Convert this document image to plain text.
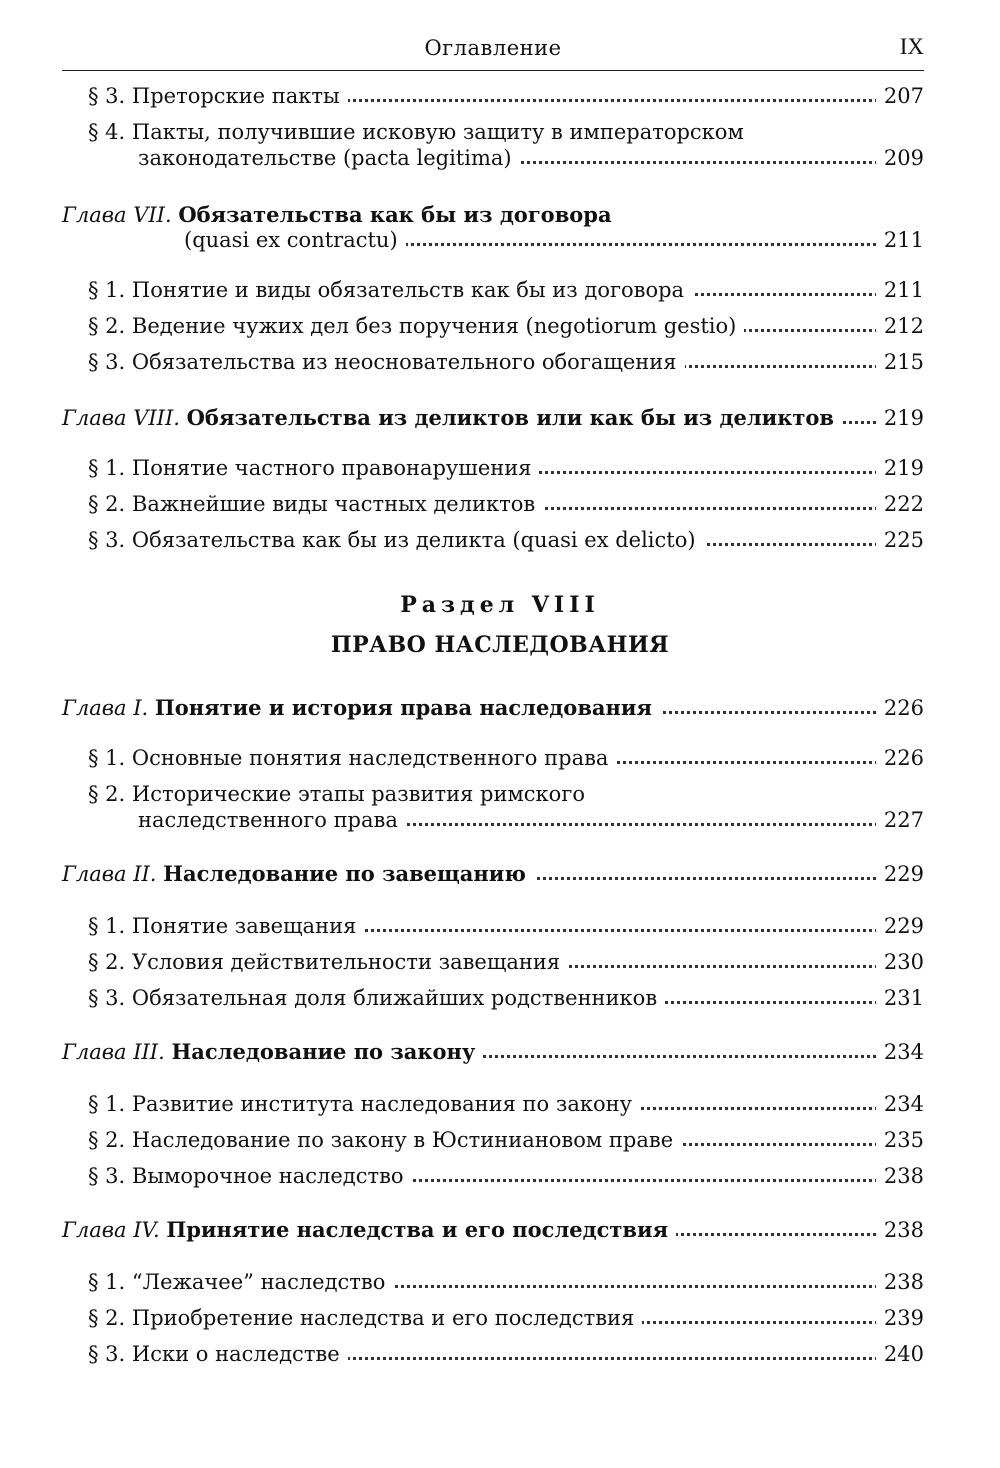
Оглавление	IX
§ 3. Преторские пакты	207
§ 4. Пакты, получившие исковую защиту в императорском
законодательстве (pacta legitima)	209
Глава VII. Обязательства как бы из договора
(quasi ex contractu)	211
§ 1. Понятие и виды обязательств как бы из договора	211
§ 2. Ведение чужих дел без поручения (negotiorum gestio)	212
§ 3. Обязательства из неосновательного обогащения	215
Глава VIII. Обязательства из деликтов или как бы из деликтов	219
§ 1. Понятие частного правонарушения	219
§ 2. Важнейшие виды частных деликтов	222
§ 3. Обязательства как бы из деликта (quasi ex delicto)	225
Раздел VIII
ПРАВО НАСЛЕДОВАНИЯ
Глава I. Понятие и история права наследования	226
§ 1. Основные понятия наследственного права	226
§ 2. Исторические этапы развития римского
наследственного права	227
Глава II. Наследование по завещанию	229
§ 1. Понятие завещания	229
§ 2. Условия действительности завещания	230
§ 3. Обязательная доля ближайших родственников	231
Глава III. Наследование по закону	234
§ 1. Развитие института наследования по закону	234
§ 2. Наследование по закону в Юстиниановом праве	235
§ 3. Выморочное наследство	238
Глава IV. Принятие наследства и его последствия	238
§ 1. “Лежачее” наследство	238
§ 2. Приобретение наследства и его последствия	239
§ 3. Иски о наследстве	240
